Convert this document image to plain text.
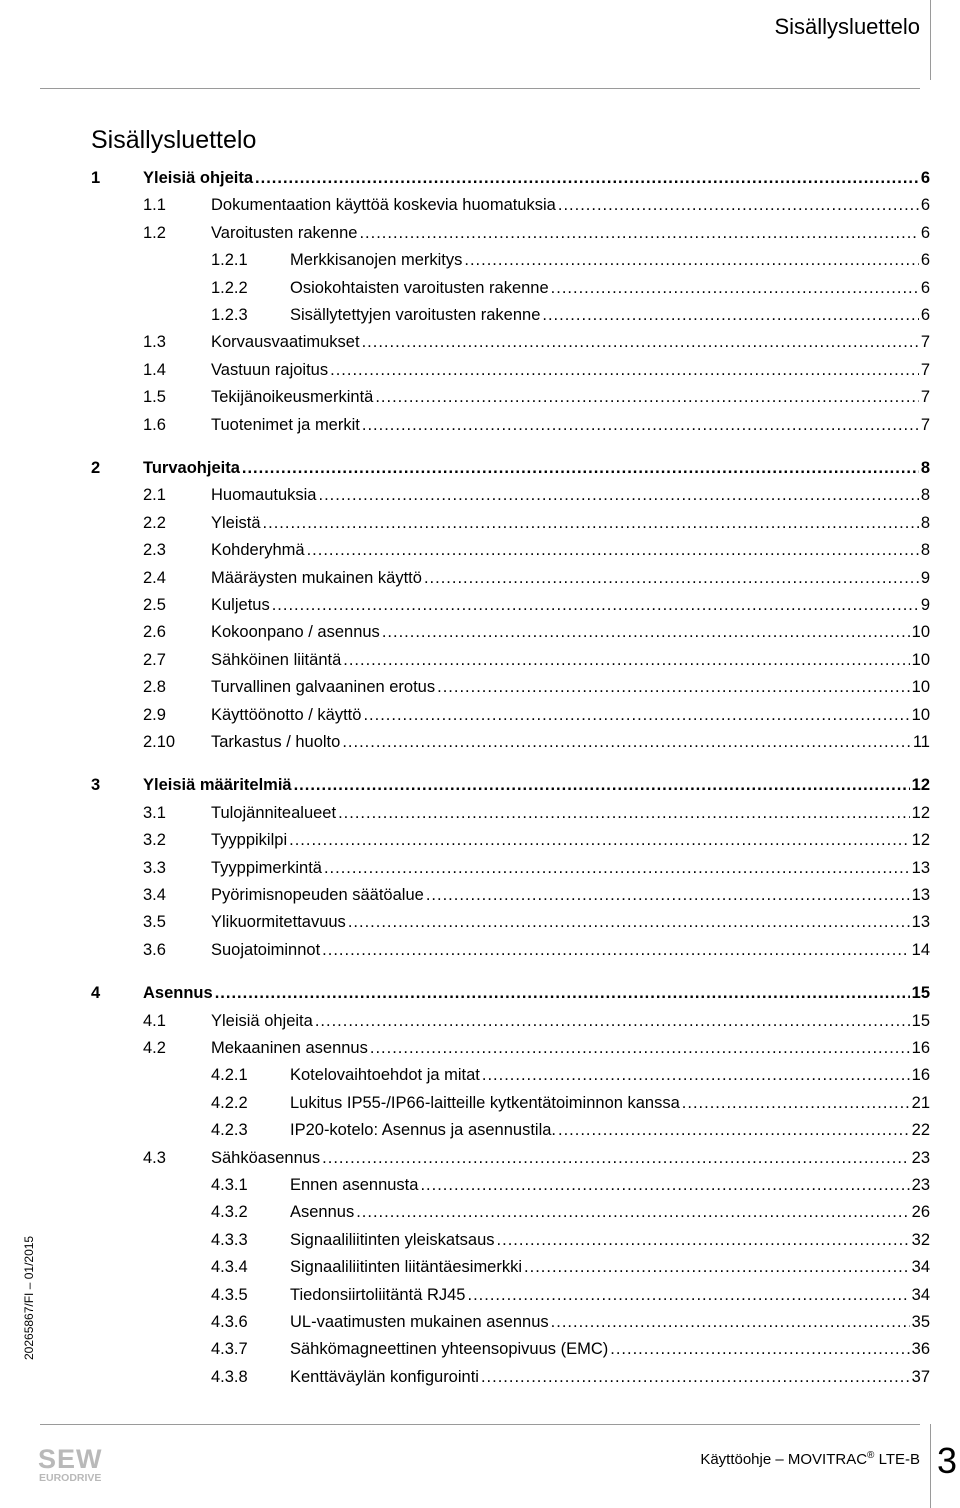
Sisällysluettelo
Sisällysluettelo
1	Yleisiä ohjeita .....	6
1.1	Dokumentaation käyttöä koskevia huomatuksia .....	6
1.2	Varoitusten rakenne .....	6
1.2.1	Merkkisanojen merkitys .....	6
1.2.2	Osiokohtaisten varoitusten rakenne .....	6
1.2.3	Sisällytettyjen varoitusten rakenne .....	6
1.3	Korvausvaatimukset .....	7
1.4	Vastuun rajoitus .....	7
1.5	Tekijänoikeusmerkintä .....	7
1.6	Tuotenimet ja merkit .....	7
2	Turvaohjeita .....	8
2.1	Huomautuksia .....	8
2.2	Yleistä .....	8
2.3	Kohderyhmä .....	8
2.4	Määräysten mukainen käyttö .....	9
2.5	Kuljetus .....	9
2.6	Kokoonpano / asennus .....	10
2.7	Sähköinen liitäntä .....	10
2.8	Turvallinen galvaaninen erotus .....	10
2.9	Käyttöönotto / käyttö .....	10
2.10 Tarkastus / huolto .....	11
3	Yleisiä määritelmiä .....	12
3.1	Tulojännitealueet .....	12
3.2	Tyyppikilpi .....	12
3.3	Tyyppimerkintä .....	13
3.4	Pyörimisnopeuden säätöalue .....	13
3.5	Ylikuormitettavuus .....	13
3.6	Suojatoiminnot .....	14
4	Asennus .....	15
4.1	Yleisiä ohjeita .....	15
4.2	Mekaaninen asennus .....	16
4.2.1	Kotelovaihtoehdot ja mitat .....	16
4.2.2	Lukitus IP55-/IP66-laitteille kytkentätoiminnon kanssa .....	21
4.2.3	IP20-kotelo: Asennus ja asennustila. .....	22
4.3	Sähköasennus .....	23
4.3.1	Ennen asennusta .....	23
4.3.2	Asennus .....	26
4.3.3	Signaaliliitinten yleiskatsaus .....	32
4.3.4	Signaaliliitinten liitäntäesimerkki .....	34
4.3.5	Tiedonsiirtoliitäntä RJ45 .....	34
4.3.6	UL-vaatimusten mukainen asennus .....	35
4.3.7	Sähkömagneettinen yhteensopivuus (EMC) .....	36
4.3.8	Kenttäväylän konfigurointi .....	37
SEW
EURODRIVE
Käyttöohje – MOVITRAC® LTE-B 3
20265867/FI – 01/2015
